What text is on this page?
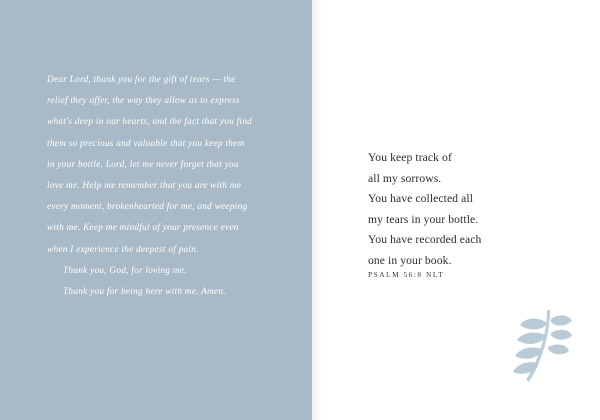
Dear Lord, thank you for the gift of tears — the

relief they offer, the way they allow us to express

what's deep in our hearts, and the fact that you find

them so precious and valuable that you keep them

in your bottle. Lord, let me never forget that you

love me. Help me remember that you are with me

every moment, brokenhearted for me, and weeping

with me. Keep me mindful of your presence even

when I experience the deepest of pain.

Thank you, God, for loving me.

Thank you for being here with me. Amen.

You keep track of

all my sorrows.

You have collected all

my tears in your bottle.

You have recorded each

one in your book.

PSALM 56:8 NLT
